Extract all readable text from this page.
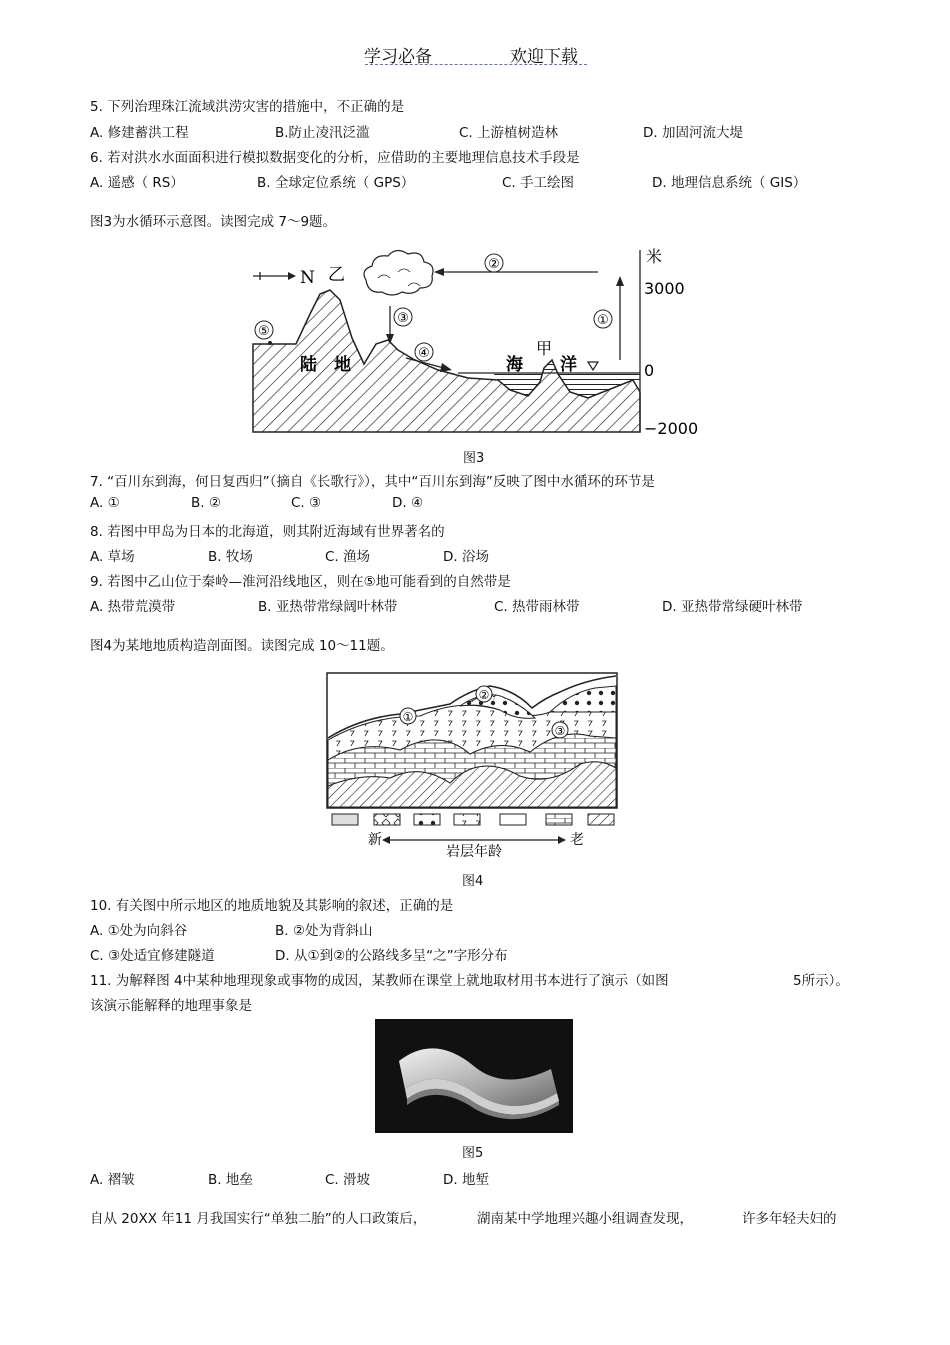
学习必备	欢迎下载
5. 下列治理珠江流域洪涝灾害的措施中，不正确的是
A. 修建蓄洪工程	B.防止凌汛泛滥	C. 上游植树造林	D. 加固河流大堤
6. 若对洪水水面面积进行模拟数据变化的分析，应借助的主要地理信息技术手段是
A. 遥感（ RS）	B. 全球定位系统（ GPS）	C. 手工绘图	D. 地理信息系统（ GIS）
图3为水循环示意图。读图完成 7～9题。
N 乙
②
①
③
④
⑤
陆 地	海 洋
甲
米
3000
0
−2000
图3
7. “百川东到海，何日复西归”（摘自《长歌行》），其中“百川东到海”反映了图中水循环的环节是
A. ①	B. ②	C. ③	D. ④
8. 若图中甲岛为日本的北海道，则其附近海域有世界著名的
A. 草场	B. 牧场	C. 渔场	D. 浴场
9. 若图中乙山位于秦岭—淮河沿线地区，则在⑤地可能看到的自然带是
A. 热带荒漠带	B. 亚热带常绿阔叶林带	C. 热带雨林带	D. 亚热带常绿硬叶林带
图4为某地地质构造剖面图。读图完成 10～11题。
①
②
③
新	老
岩层年龄
图4
10. 有关图中所示地区的地质地貌及其影响的叙述，正确的是
A. ①处为向斜谷	B. ②处为背斜山
C. ③处适宜修建隧道	D. 从①到②的公路线多呈“之”字形分布
11. 为解释图 4中某种地理现象或事物的成因，某教师在课堂上就地取材用书本进行了演示（如图	5所示）。
该演示能解释的地理事象是
图5
A. 褶皱	B. 地垒	C. 滑坡	D. 地堑
自从 20XX 年11 月我国实行“单独二胎”的人口政策后，	湖南某中学地理兴趣小组调查发现，	许多年轻夫妇的
